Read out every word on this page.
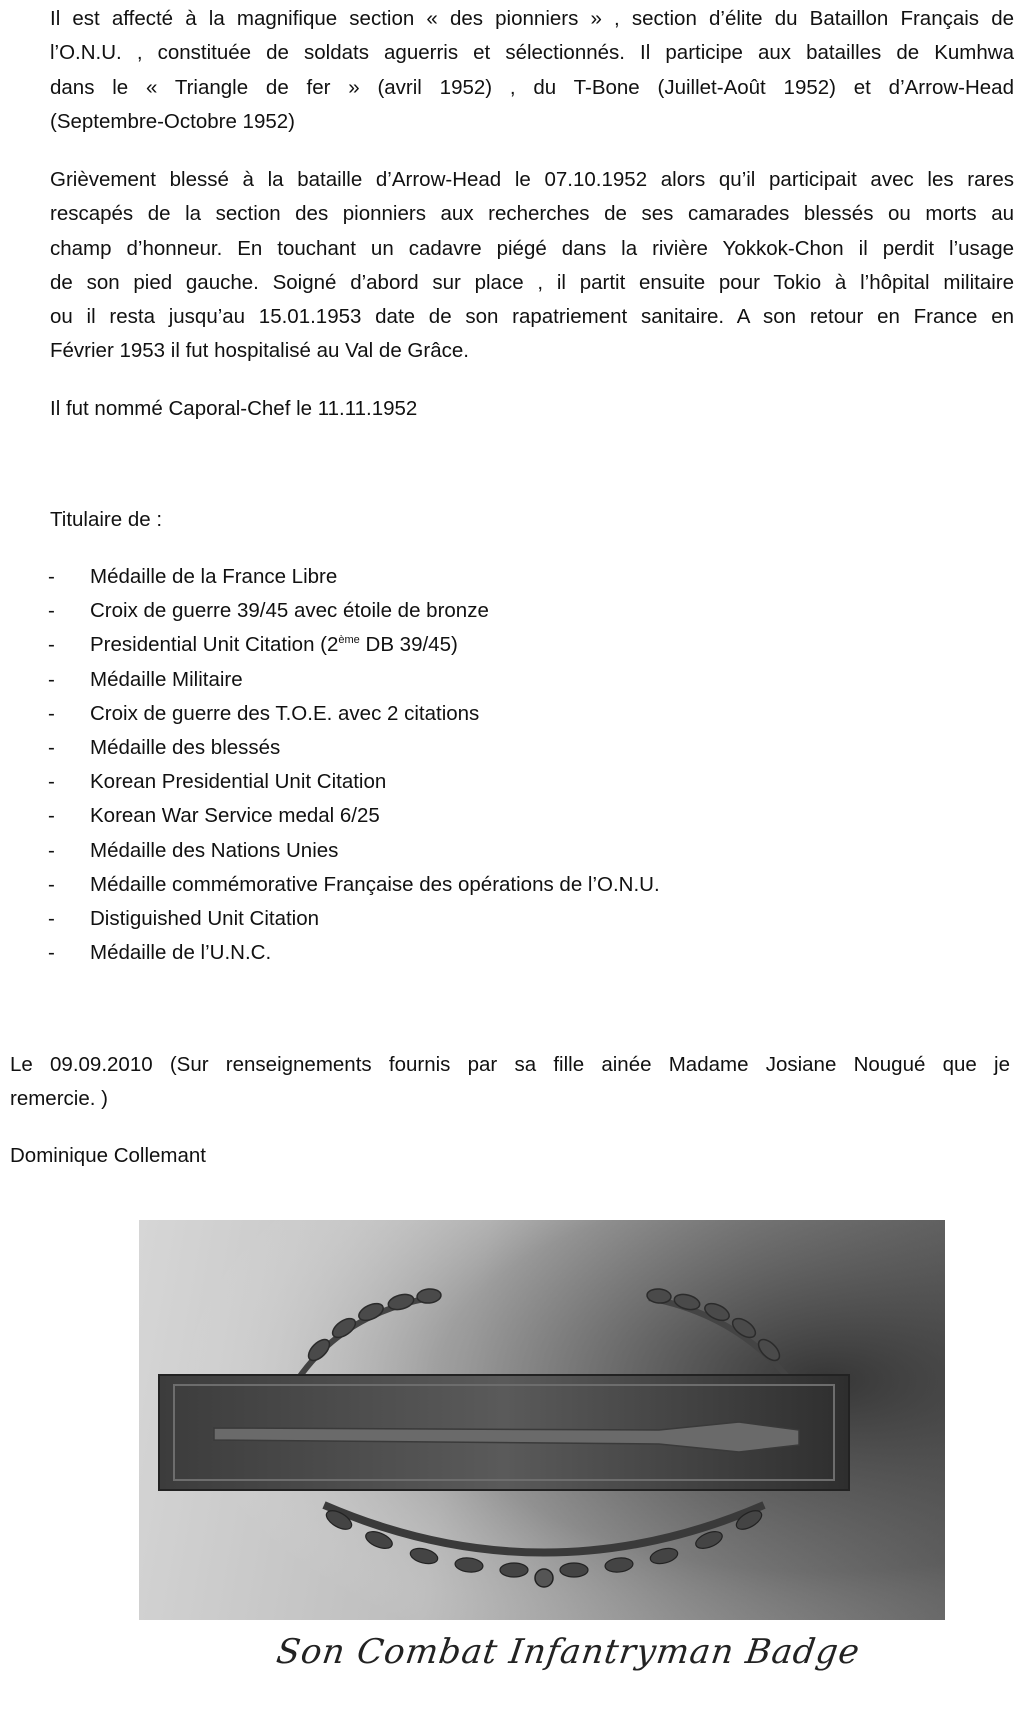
Il est affecté à la magnifique section « des pionniers » , section d’élite du Bataillon Français de
l’O.N.U. , constituée de soldats aguerris et sélectionnés. Il participe aux batailles de Kumhwa
dans le « Triangle de fer » (avril 1952) , du T-Bone (Juillet-Août 1952) et d’Arrow-Head
(Septembre-Octobre 1952)

Grièvement blessé à la bataille d’Arrow-Head le 07.10.1952 alors qu’il participait avec les rares
rescapés de la section des pionniers aux recherches de ses camarades blessés ou morts au
champ d’honneur. En touchant un cadavre piégé dans la rivière Yokkok-Chon il perdit l’usage
de son pied gauche. Soigné d’abord sur place , il partit ensuite pour Tokio à l’hôpital militaire
ou il resta jusqu’au 15.01.1953 date de son rapatriement sanitaire. A son retour en France en
Février 1953 il fut hospitalisé au Val de Grâce.

Il fut nommé Caporal-Chef le 11.11.1952

Titulaire de :

- Médaille de la France Libre
- Croix de guerre 39/45 avec étoile de bronze
- Presidential Unit Citation (2ème DB 39/45)
- Médaille Militaire
- Croix de guerre des T.O.E. avec 2 citations
- Médaille des blessés
- Korean Presidential Unit Citation
- Korean War Service medal 6/25
- Médaille des Nations Unies
- Médaille commémorative Française des opérations de l’O.N.U.
- Distiguished Unit Citation
- Médaille de l’U.N.C.

Le 09.09.2010 (Sur renseignements fournis par sa fille ainée Madame Josiane Nougué que je
remercie. )

Dominique Collemant

Son Combat Infantryman Badge
